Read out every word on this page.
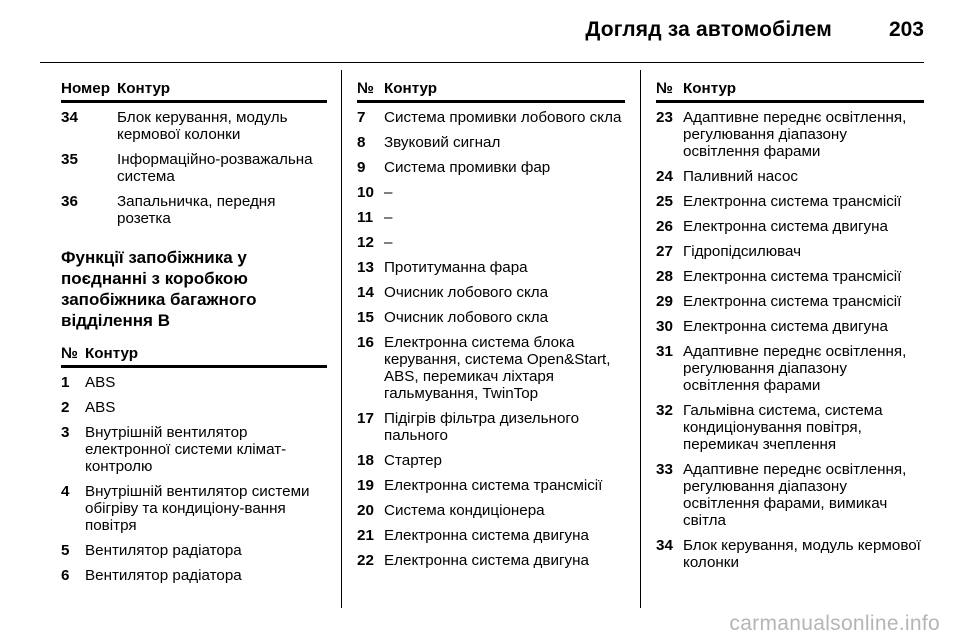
Догляд за автомобілем	203
Номер Контур
34	Блок керування, модуль кермової колонки
35	Інформаційно-розважальна система
36	Запальничка, передня розетка
Функції запобіжника у поєднанні з коробкою запобіжника багажного відділення В
№ Контур
1	ABS
2	ABS
3	Внутрішній вентилятор електронної системи клімат-контролю
4	Внутрішній вентилятор системи обігріву та кондиціону-вання повітря
5	Вентилятор радіатора
6	Вентилятор радіатора
№ Контур
7	Система промивки лобового скла
8	Звуковий сигнал
9	Система промивки фар
10 –
11 –
12 –
13 Протитуманна фара
14 Очисник лобового скла
15 Очисник лобового скла
16 Електронна система блока керування, система Open&Start, ABS, перемикач ліхтаря гальмування, TwinTop
17 Підігрів фільтра дизельного пального
18 Стартер
19 Електронна система трансмісії
20 Система кондиціонера
21 Електронна система двигуна
22 Електронна система двигуна
№ Контур
23 Адаптивне переднє освітлення, регулювання діапазону освітлення фарами
24 Паливний насос
25 Електронна система трансмісії
26 Електронна система двигуна
27 Гідропідсилювач
28 Електронна система трансмісії
29 Електронна система трансмісії
30 Електронна система двигуна
31 Адаптивне переднє освітлення, регулювання діапазону освітлення фарами
32 Гальмівна система, система кондиціонування повітря, перемикач зчеплення
33 Адаптивне переднє освітлення, регулювання діапазону освітлення фарами, вимикач світла
34 Блок керування, модуль кермової колонки
carmanualsonline.info
